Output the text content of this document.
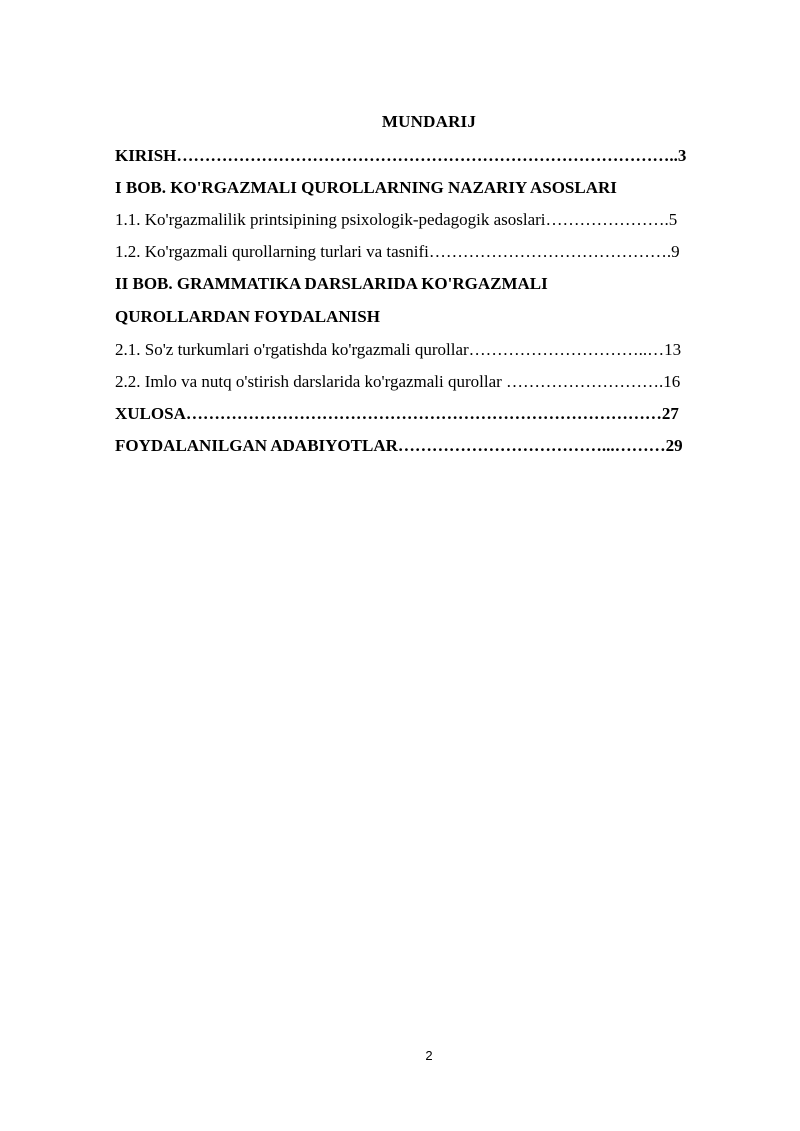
MUNDARIJ
KIRISH……………………………………………………………………………..3
I BOB. KO'RGAZMALI QUROLLARNING NAZARIY ASOSLARI
1.1. Ko'rgazmalilik printsipining psixologik-pedagogik asoslari………………….5
1.2. Ko'rgazmali qurollarning turlari va tasnifi…………………………………….9
II BOB. GRAMMATIKA DARSLARIDA KO'RGAZMALI
QUROLLARDAN FOYDALANISH
2.1. So'z turkumlari o'rgatishda ko'rgazmali qurollar…………………………..…13
2.2. Imlo va nutq o'stirish darslarida ko'rgazmali qurollar ……………………….16
XULOSA…………………………………………………………………………27
FOYDALANILGAN ADABIYOTLAR………………………………...………29
2
